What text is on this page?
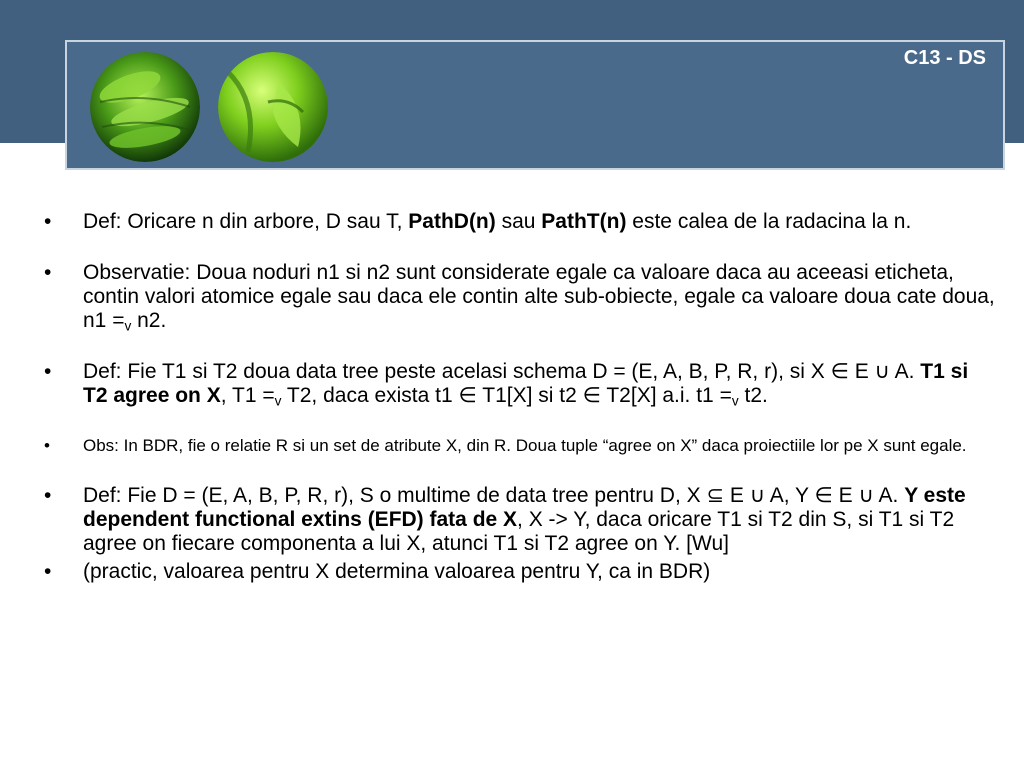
C13 - DS
• Def: Oricare n din arbore, D sau T, PathD(n) sau PathT(n) este calea de la radacina la n.
• Observatie: Doua noduri n1 si n2 sunt considerate egale ca valoare daca au aceeasi eticheta, contin valori atomice egale sau daca ele contin alte sub-obiecte, egale ca valoare doua cate doua, $n1 =_v$ n2.
• Def: Fie T1 si T2 doua data tree peste acelasi schema D = (E, A, B, P, R, r), si X ∈ E ∪ A. T1 si T2 agree on X, $T1 =_v$ T2, daca exista t1 ∈ T1[X] si t2 ∈ T2[X] a.i. $t1 =_v$ t2.
• Obs: In BDR, fie o relatie R si un set de atribute X, din R. Doua tuple “agree on X” daca proiectiile lor pe X sunt egale.
• Def: Fie D = (E, A, B, P, R, r), S o multime de data tree pentru D, X ⊆ E ∪ A, Y ∈ E ∪ A. Y este dependent functional extins (EFD) fata de X, X -> Y, daca oricare T1 si T2 din S, si T1 si T2 agree on fiecare componenta a lui X, atunci T1 si T2 agree on Y. [Wu]
• (practic, valoarea pentru X determina valoarea pentru Y, ca in BDR)
